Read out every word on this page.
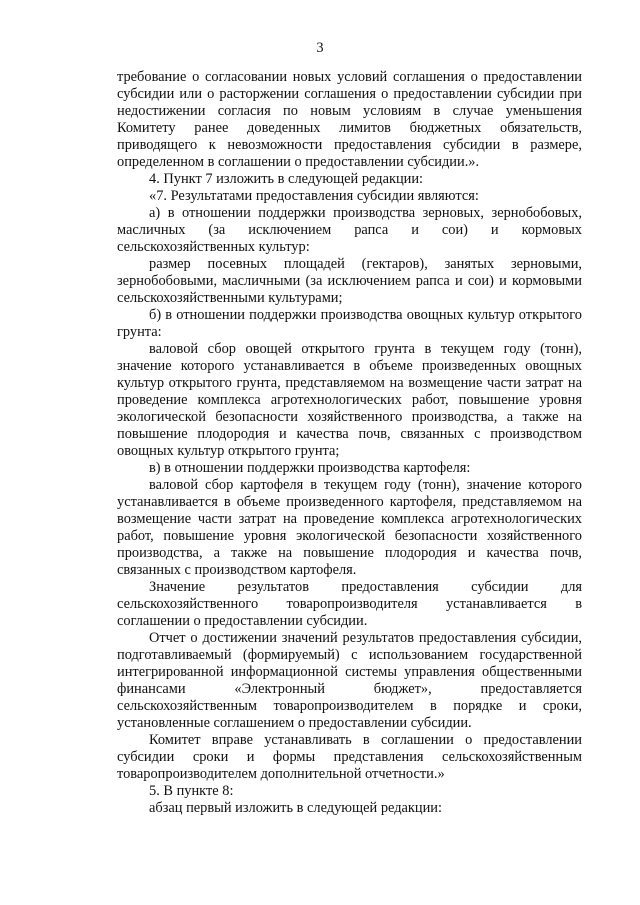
3

требование о согласовании новых условий соглашения о предоставлении субсидии или о расторжении соглашения о предоставлении субсидии при недостижении согласия по новым условиям в случае уменьшения Комитету ранее доведенных лимитов бюджетных обязательств, приводящего к невозможности предоставления субсидии в размере, определенном в соглашении о предоставлении субсидии.».

4. Пункт 7 изложить в следующей редакции:

«7. Результатами предоставления субсидии являются:

а) в отношении поддержки производства зерновых, зернобобовых, масличных (за исключением рапса и сои) и кормовых сельскохозяйственных культур:

размер посевных площадей (гектаров), занятых зерновыми, зернобобовыми, масличными (за исключением рапса и сои) и кормовыми сельскохозяйственными культурами;

б) в отношении поддержки производства овощных культур открытого грунта:

валовой сбор овощей открытого грунта в текущем году (тонн), значение которого устанавливается в объеме произведенных овощных культур открытого грунта, представляемом на возмещение части затрат на проведение комплекса агротехнологических работ, повышение уровня экологической безопасности хозяйственного производства, а также на повышение плодородия и качества почв, связанных с производством овощных культур открытого грунта;

в) в отношении поддержки производства картофеля:

валовой сбор картофеля в текущем году (тонн), значение которого устанавливается в объеме произведенного картофеля, представляемом на возмещение части затрат на проведение комплекса агротехнологических работ, повышение уровня экологической безопасности хозяйственного производства, а также на повышение плодородия и качества почв, связанных с производством картофеля.

Значение результатов предоставления субсидии для сельскохозяйственного товаропроизводителя устанавливается в соглашении о предоставлении субсидии.

Отчет о достижении значений результатов предоставления субсидии, подготавливаемый (формируемый) с использованием государственной интегрированной информационной системы управления общественными финансами «Электронный бюджет», предоставляется сельскохозяйственным товаропроизводителем в порядке и сроки, установленные соглашением о предоставлении субсидии.

Комитет вправе устанавливать в соглашении о предоставлении субсидии сроки и формы представления сельскохозяйственным товаропроизводителем дополнительной отчетности.»

5. В пункте 8:

абзац первый изложить в следующей редакции:
